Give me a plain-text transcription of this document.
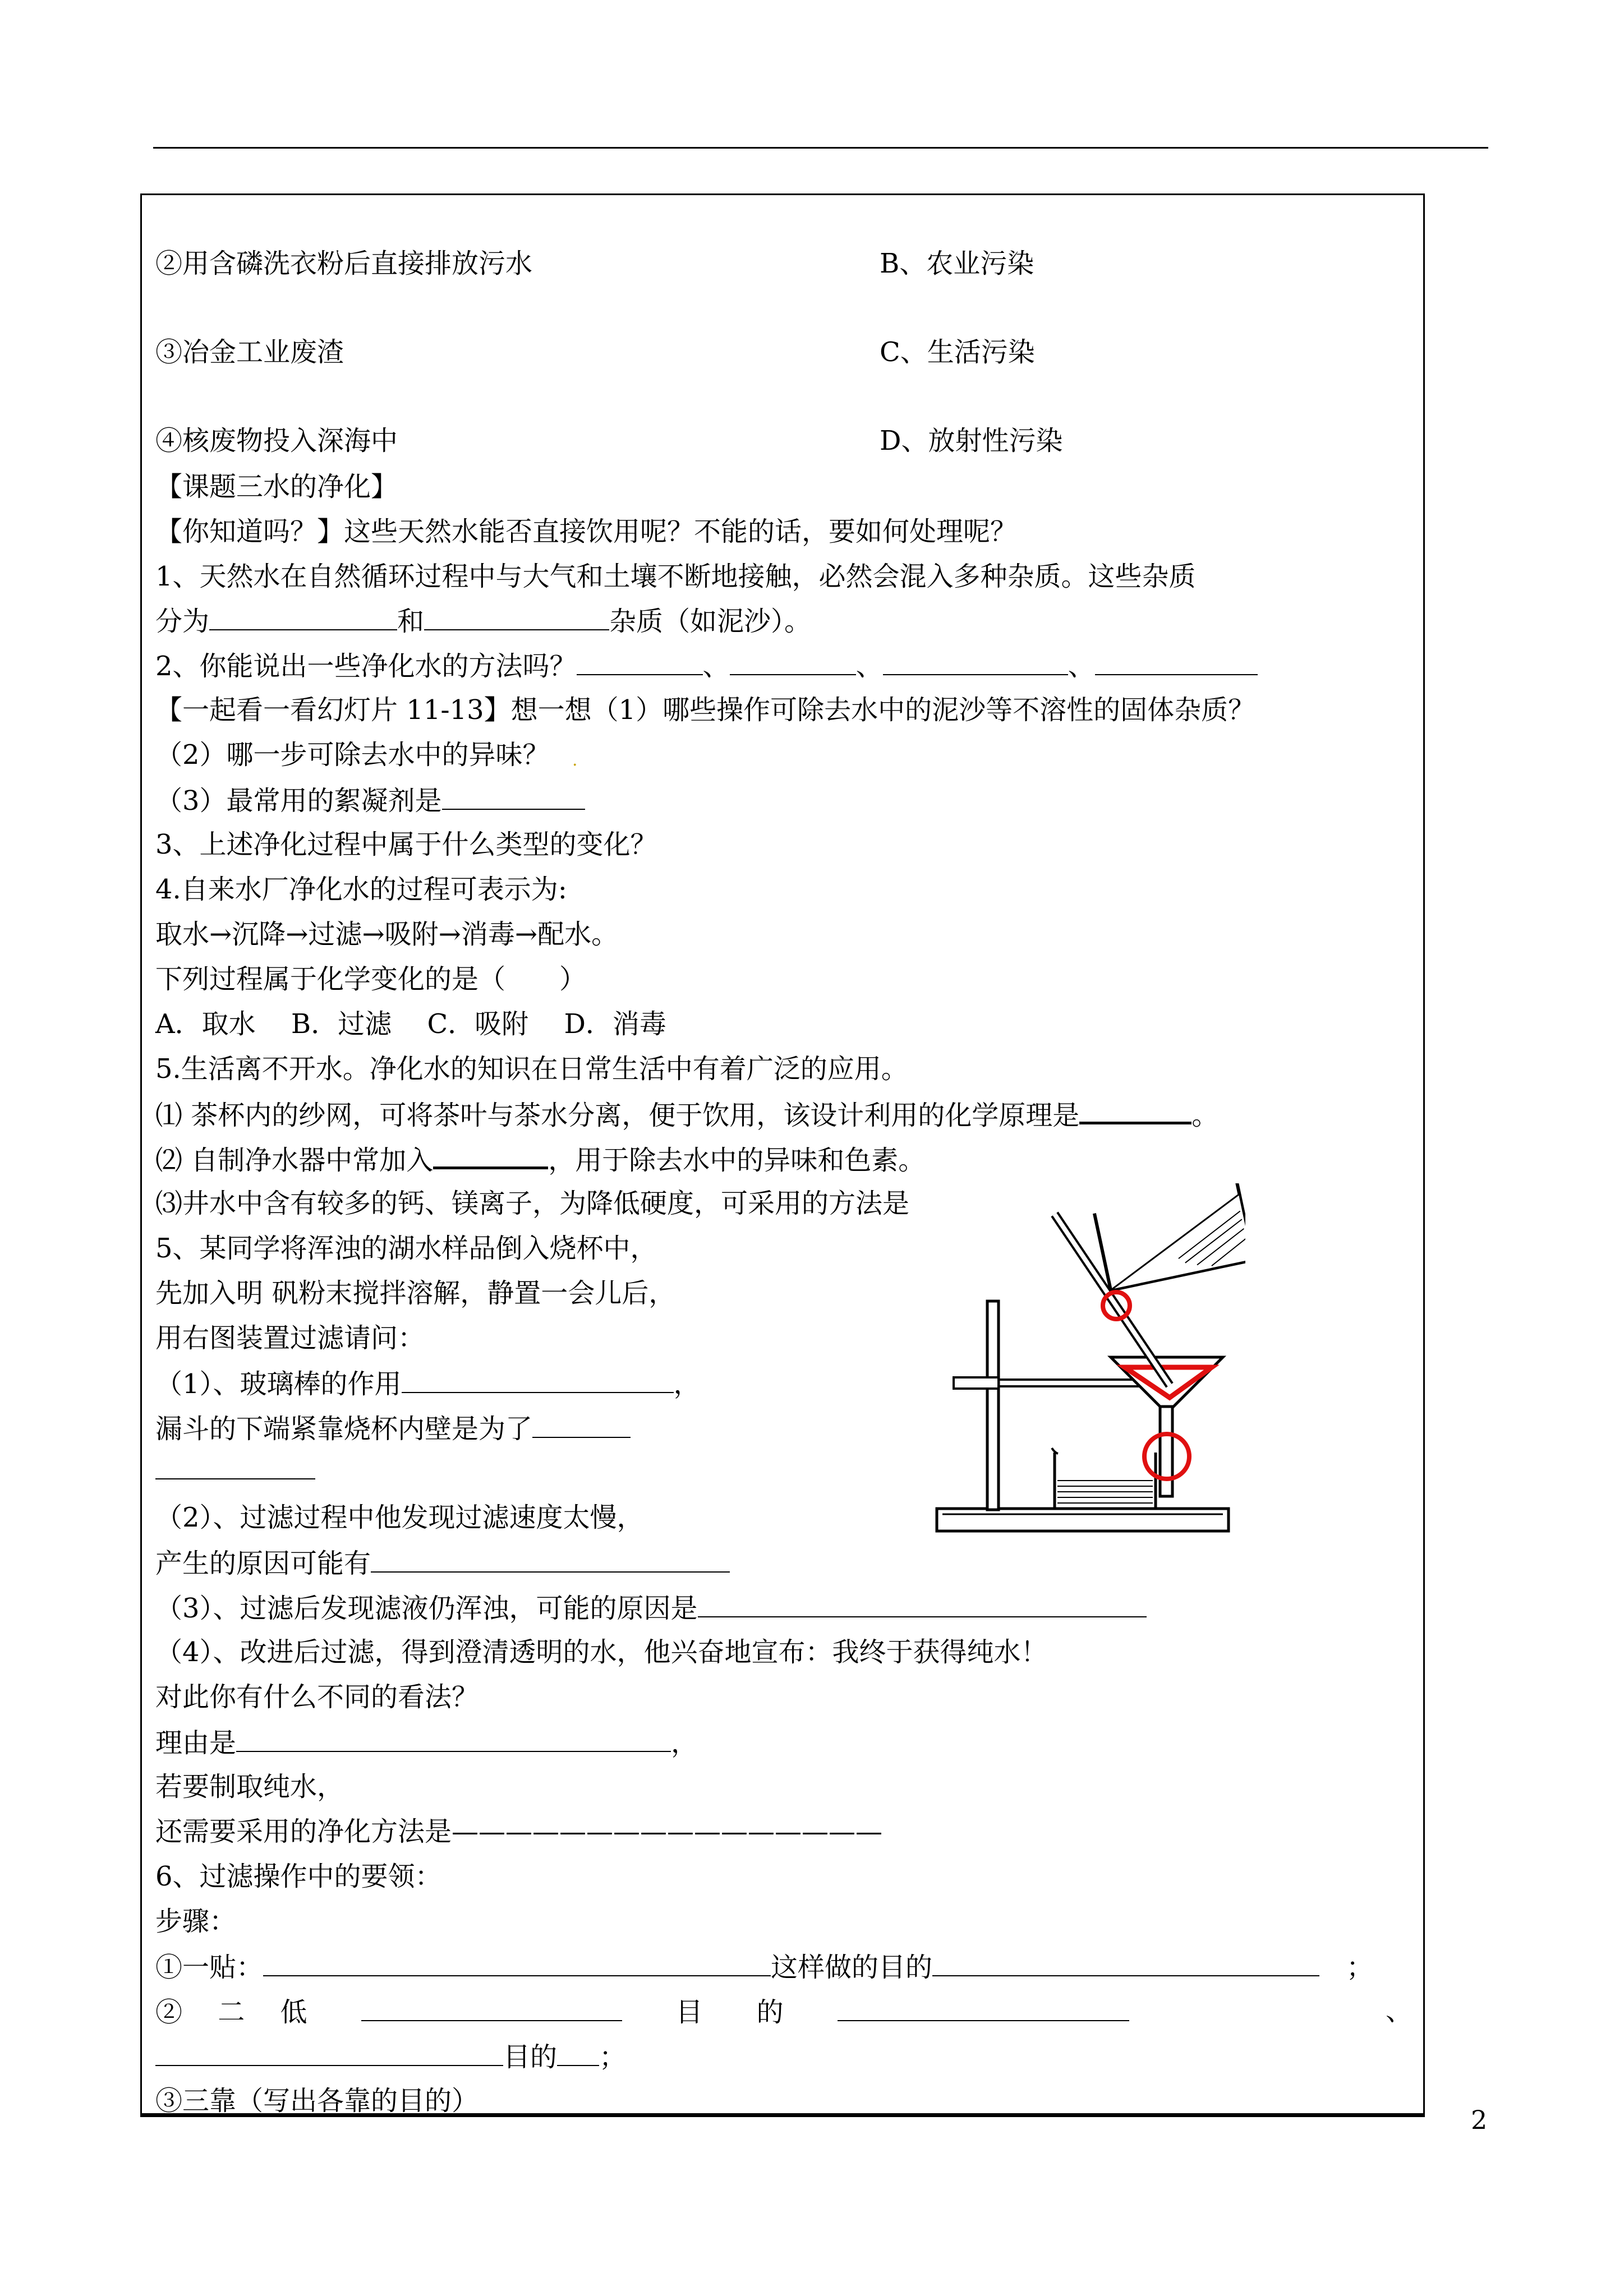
②用含磷洗衣粉后直接排放污水	B、农业污染
③冶金工业废渣	C、生活污染
④核废物投入深海中	D、放射性污染
【课题三水的净化】
【你知道吗？】这些天然水能否直接饮用呢？不能的话，要如何处理呢？
1、天然水在自然循环过程中与大气和土壤不断地接触，必然会混入多种杂质。这些杂质
分为	和	杂质（如泥沙）。
2、你能说出一些净化水的方法吗？	、	、	、
【一起看一看幻灯片 11-13】想一想（1）哪些操作可除去水中的泥沙等不溶性的固体杂质？
（2）哪一步可除去水中的异味？ .
（3）最常用的絮凝剂是
3、上述净化过程中属于什么类型的变化？
4.自来水厂净化水的过程可表示为:
取水→沉降→过滤→吸附→消毒→配水。
下列过程属于化学变化的是（　　）
A．取水　 B．过滤　 C．吸附　 D．消毒
5.生活离不开水。净化水的知识在日常生活中有着广泛的应用。
⑴ 茶杯内的纱网，可将茶叶与茶水分离，便于饮用，该设计利用的化学原理是	。
⑵ 自制净水器中常加入	，用于除去水中的异味和色素。
⑶井水中含有较多的钙、镁离子，为降低硬度，可采用的方法是
5、某同学将浑浊的湖水样品倒入烧杯中，
先加入明 矾粉末搅拌溶解，静置一会儿后，
用右图装置过滤请问：
（1）、玻璃棒的作用	，
漏斗的下端紧靠烧杯内壁是为了
（2）、过滤过程中他发现过滤速度太慢，
产生的原因可能有
（3）、过滤后发现滤液仍浑浊，可能的原因是
（4）、改进后过滤，得到澄清透明的水，他兴奋地宣布：我终于获得纯水！
对此你有什么不同的看法？
理由是	，
若要制取纯水，
还需要采用的净化方法是————————————————
6、过滤操作中的要领：
步骤：
①一贴：	这样做的目的　	；
②　 二　 低　　　　	目　　的　　	、
目的 ；
③三靠（写出各靠的目的）
2
